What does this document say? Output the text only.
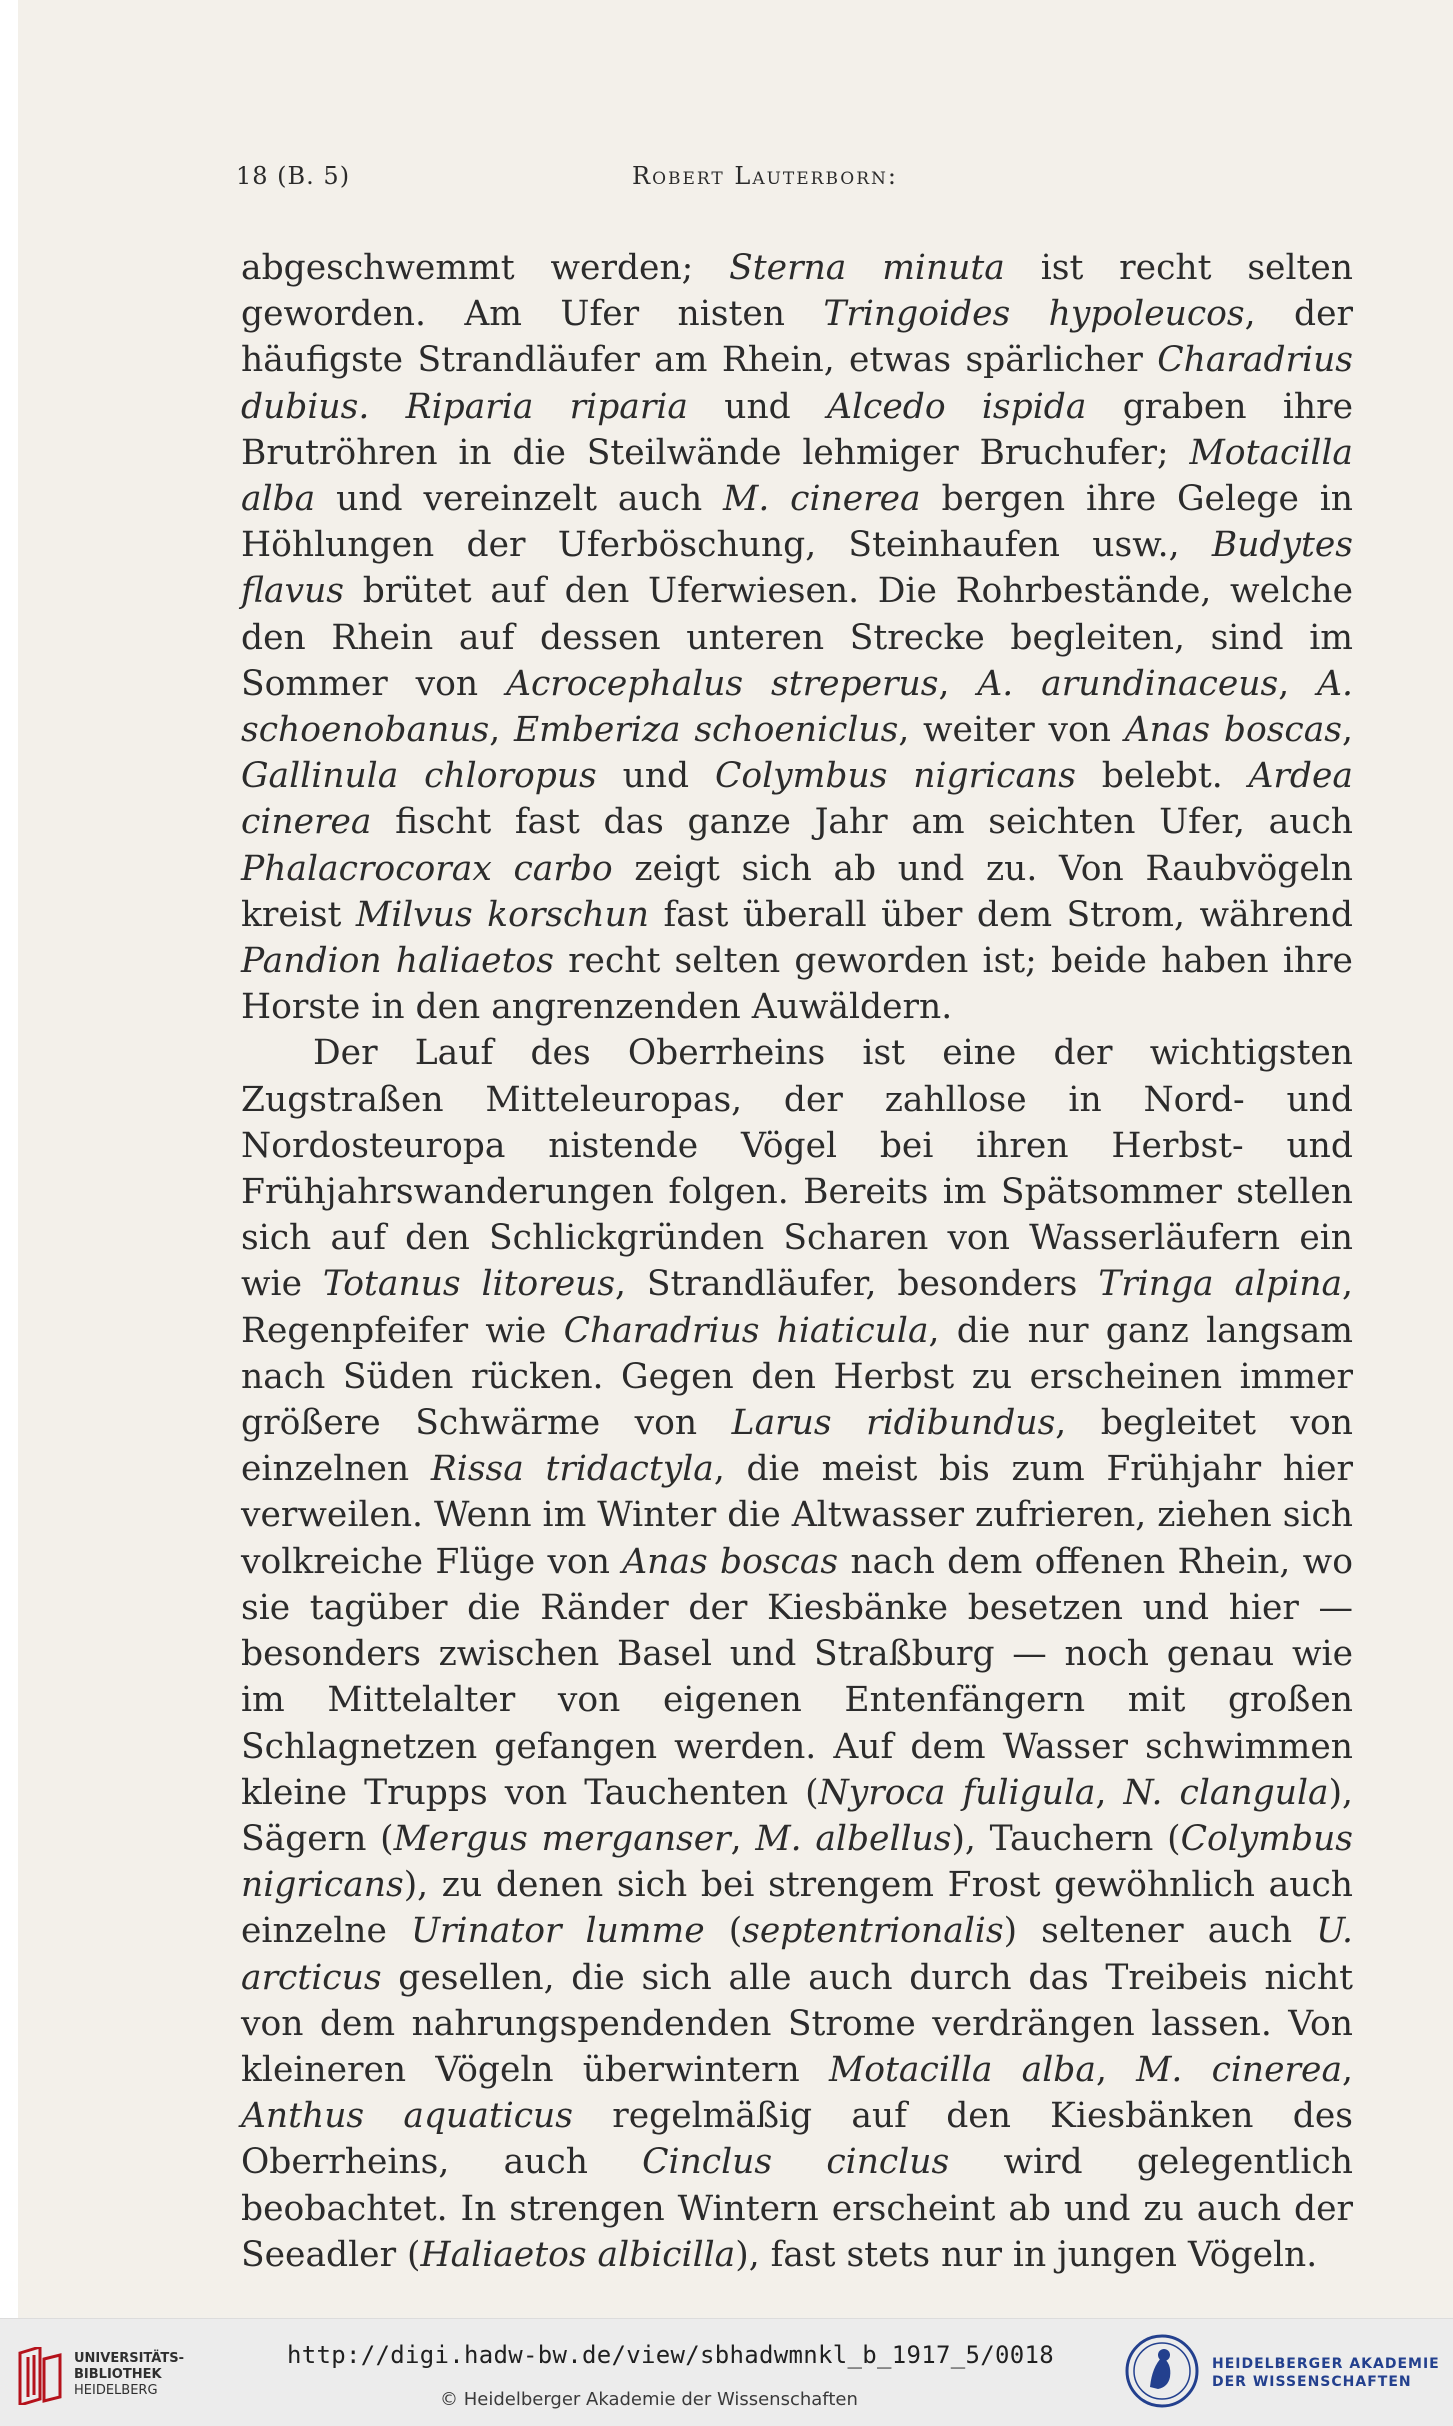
18 (B. 5)	Robert Lauterborn:

abgeschwemmt werden; Sterna minuta ist recht selten geworden. Am Ufer nisten Tringoides hypoleucos, der häufigste Strandläufer am Rhein, etwas spärlicher Charadrius dubius. Riparia riparia und Alcedo ispida graben ihre Brutröhren in die Steilwände lehmiger Bruchufer; Motacilla alba und vereinzelt auch M. cinerea bergen ihre Gelege in Höhlungen der Uferböschung, Steinhaufen usw., Budytes flavus brütet auf den Uferwiesen. Die Rohrbestände, welche den Rhein auf dessen unteren Strecke begleiten, sind im Sommer von Acrocephalus streperus, A. arundinaceus, A. schoenobanus, Emberiza schoeniclus, weiter von Anas boscas, Gallinula chloropus und Colymbus nigricans belebt. Ardea cinerea fischt fast das ganze Jahr am seichten Ufer, auch Phalacrocorax carbo zeigt sich ab und zu. Von Raubvögeln kreist Milvus korschun fast überall über dem Strom, während Pandion haliaetos recht selten geworden ist; beide haben ihre Horste in den angrenzenden Auwäldern.

Der Lauf des Oberrheins ist eine der wichtigsten Zugstraßen Mitteleuropas, der zahllose in Nord- und Nordosteuropa nistende Vögel bei ihren Herbst- und Frühjahrswanderungen folgen. Bereits im Spätsommer stellen sich auf den Schlickgründen Scharen von Wasserläufern ein wie Totanus litoreus, Strandläufer, besonders Tringa alpina, Regenpfeifer wie Charadrius hiaticula, die nur ganz langsam nach Süden rücken. Gegen den Herbst zu erscheinen immer größere Schwärme von Larus ridibundus, begleitet von einzelnen Rissa tridactyla, die meist bis zum Frühjahr hier verweilen. Wenn im Winter die Altwasser zufrieren, ziehen sich volkreiche Flüge von Anas boscas nach dem offenen Rhein, wo sie tagüber die Ränder der Kiesbänke besetzen und hier — besonders zwischen Basel und Straßburg — noch genau wie im Mittelalter von eigenen Entenfängern mit großen Schlagnetzen gefangen werden. Auf dem Wasser schwimmen kleine Trupps von Tauchenten (Nyroca fuligula, N. clangula), Sägern (Mergus merganser, M. albellus), Tauchern (Colymbus nigricans), zu denen sich bei strengem Frost gewöhnlich auch einzelne Urinator lumme (septentrionalis) seltener auch U. arcticus gesellen, die sich alle auch durch das Treibeis nicht von dem nahrungspendenden Strome verdrängen lassen. Von kleineren Vögeln überwintern Motacilla alba, M. cinerea, Anthus aquaticus regelmäßig auf den Kiesbänken des Oberrheins, auch Cinclus cinclus wird gelegentlich beobachtet. In strengen Wintern erscheint ab und zu auch der Seeadler (Haliaetos albicilla), fast stets nur in jungen Vögeln.

UNIVERSITÄTS-
BIBLIOTHEK
HEIDELBERG
http://digi.hadw-bw.de/view/sbhadwmnkl_b_1917_5/0018
© Heidelberger Akademie der Wissenschaften
HEIDELBERGER AKADEMIE
DER WISSENSCHAFTEN
